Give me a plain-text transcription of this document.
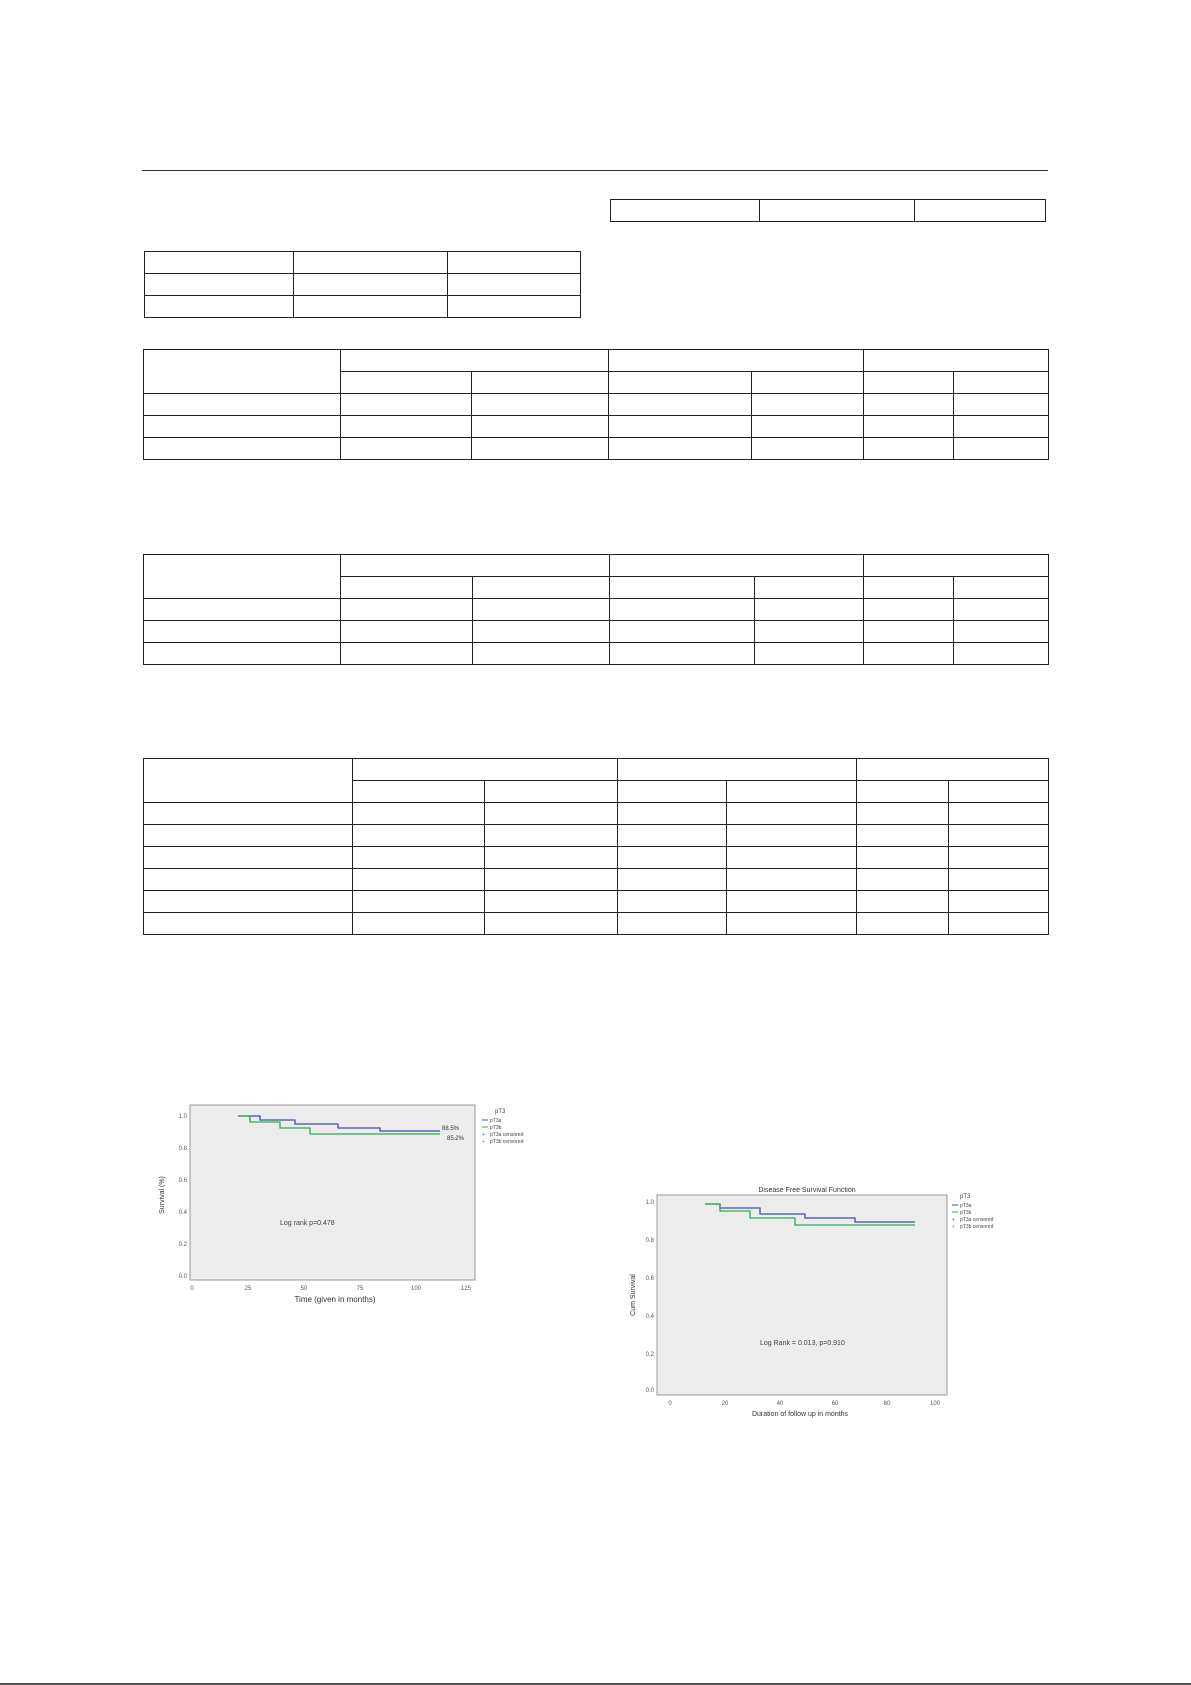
1.0
0.8
0.6
0.4
0.2
0.0
0	25	50	75	100	125
Time (given in months)
Survival (%)
88.5%
85.2%
Log rank p=0.478
pT3
pT3a
pT3b
+ pT3a censored
+ pT3b censored
Disease Free Survival Function
1.0
0.8
0.6
0.4
0.2
0.0
0	20	40	60	80	100
Duration of follow up in months
Cum Survival
Log Rank = 0.013, p=0.910
pT3
pT3a
pT3b
+ pT3a censored
+ pT3b censored
